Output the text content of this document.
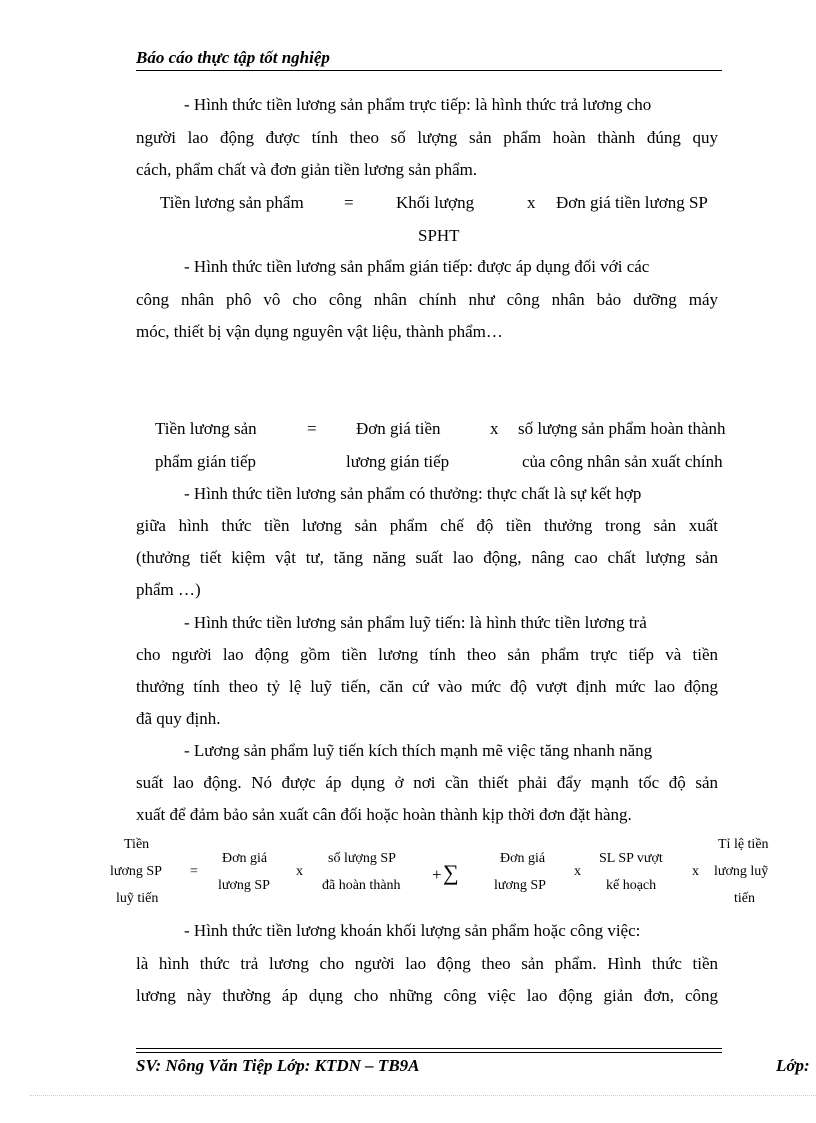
Báo cáo thực tập tốt nghiệp
- Hình thức tiền lương sản phẩm trực tiếp: là hình thức trả lương cho
người lao động được tính theo số lượng sản phẩm hoàn thành đúng quy
cách, phẩm chất và đơn giản tiền lương sản phẩm.
Tiền lương sản phẩm = Khối lượng	x Đơn giá tiền lương SP
SPHT
- Hình thức tiền lương sản phẩm gián tiếp: được áp dụng đối với các
công nhân phô vô cho công nhân chính như công nhân bảo dưỡng máy
móc, thiết bị vận dụng nguyên vật liệu, thành phẩm…
Tiền lương sản
phẩm gián tiếp
= Đơn giá tiền
lương gián tiếp
x số lượng sản phẩm hoàn thành
của công nhân sản xuất chính
- Hình thức tiền lương sản phẩm có thưởng: thực chất là sự kết hợp
giữa hình thức tiền lương sản phẩm chế độ tiền thưởng trong sản xuất
(thưởng tiết kiệm vật tư, tăng năng suất lao động, nâng cao chất lượng sản
phẩm …)
- Hình thức tiền lương sản phẩm luỹ tiến: là hình thức tiền lương trả
cho người lao động gồm tiền lương tính theo sản phẩm trực tiếp và tiền
thưởng tính theo tỷ lệ luỹ tiến, căn cứ vào mức độ vượt định mức lao động
đã quy định.
- Lương sản phẩm luỹ tiến kích thích mạnh mẽ việc tăng nhanh năng
suất lao động. Nó được áp dụng ở nơi cần thiết phải đẩy mạnh tốc độ sản
xuất để đảm bảo sản xuất cân đối hoặc hoàn thành kịp thời đơn đặt hàng.
Tiền
lương SP
luỹ tiến
=
Đơn giá
lương SP
x
số lượng SP
đã hoàn thành
+ ∑
Đơn giá
lương SP
x
SL SP vượt
kế hoạch
x
Tỉ lệ tiền
lương luỹ
tiến
- Hình thức tiền lương khoán khối lượng sản phẩm hoặc công việc:
là hình thức trả lương cho người lao động theo sản phẩm. Hình thức tiền
lương này thường áp dụng cho những công việc lao động giản đơn, công
SV: Nông Văn Tiệp Lớp: KTDN – TB9A	Lớp:
